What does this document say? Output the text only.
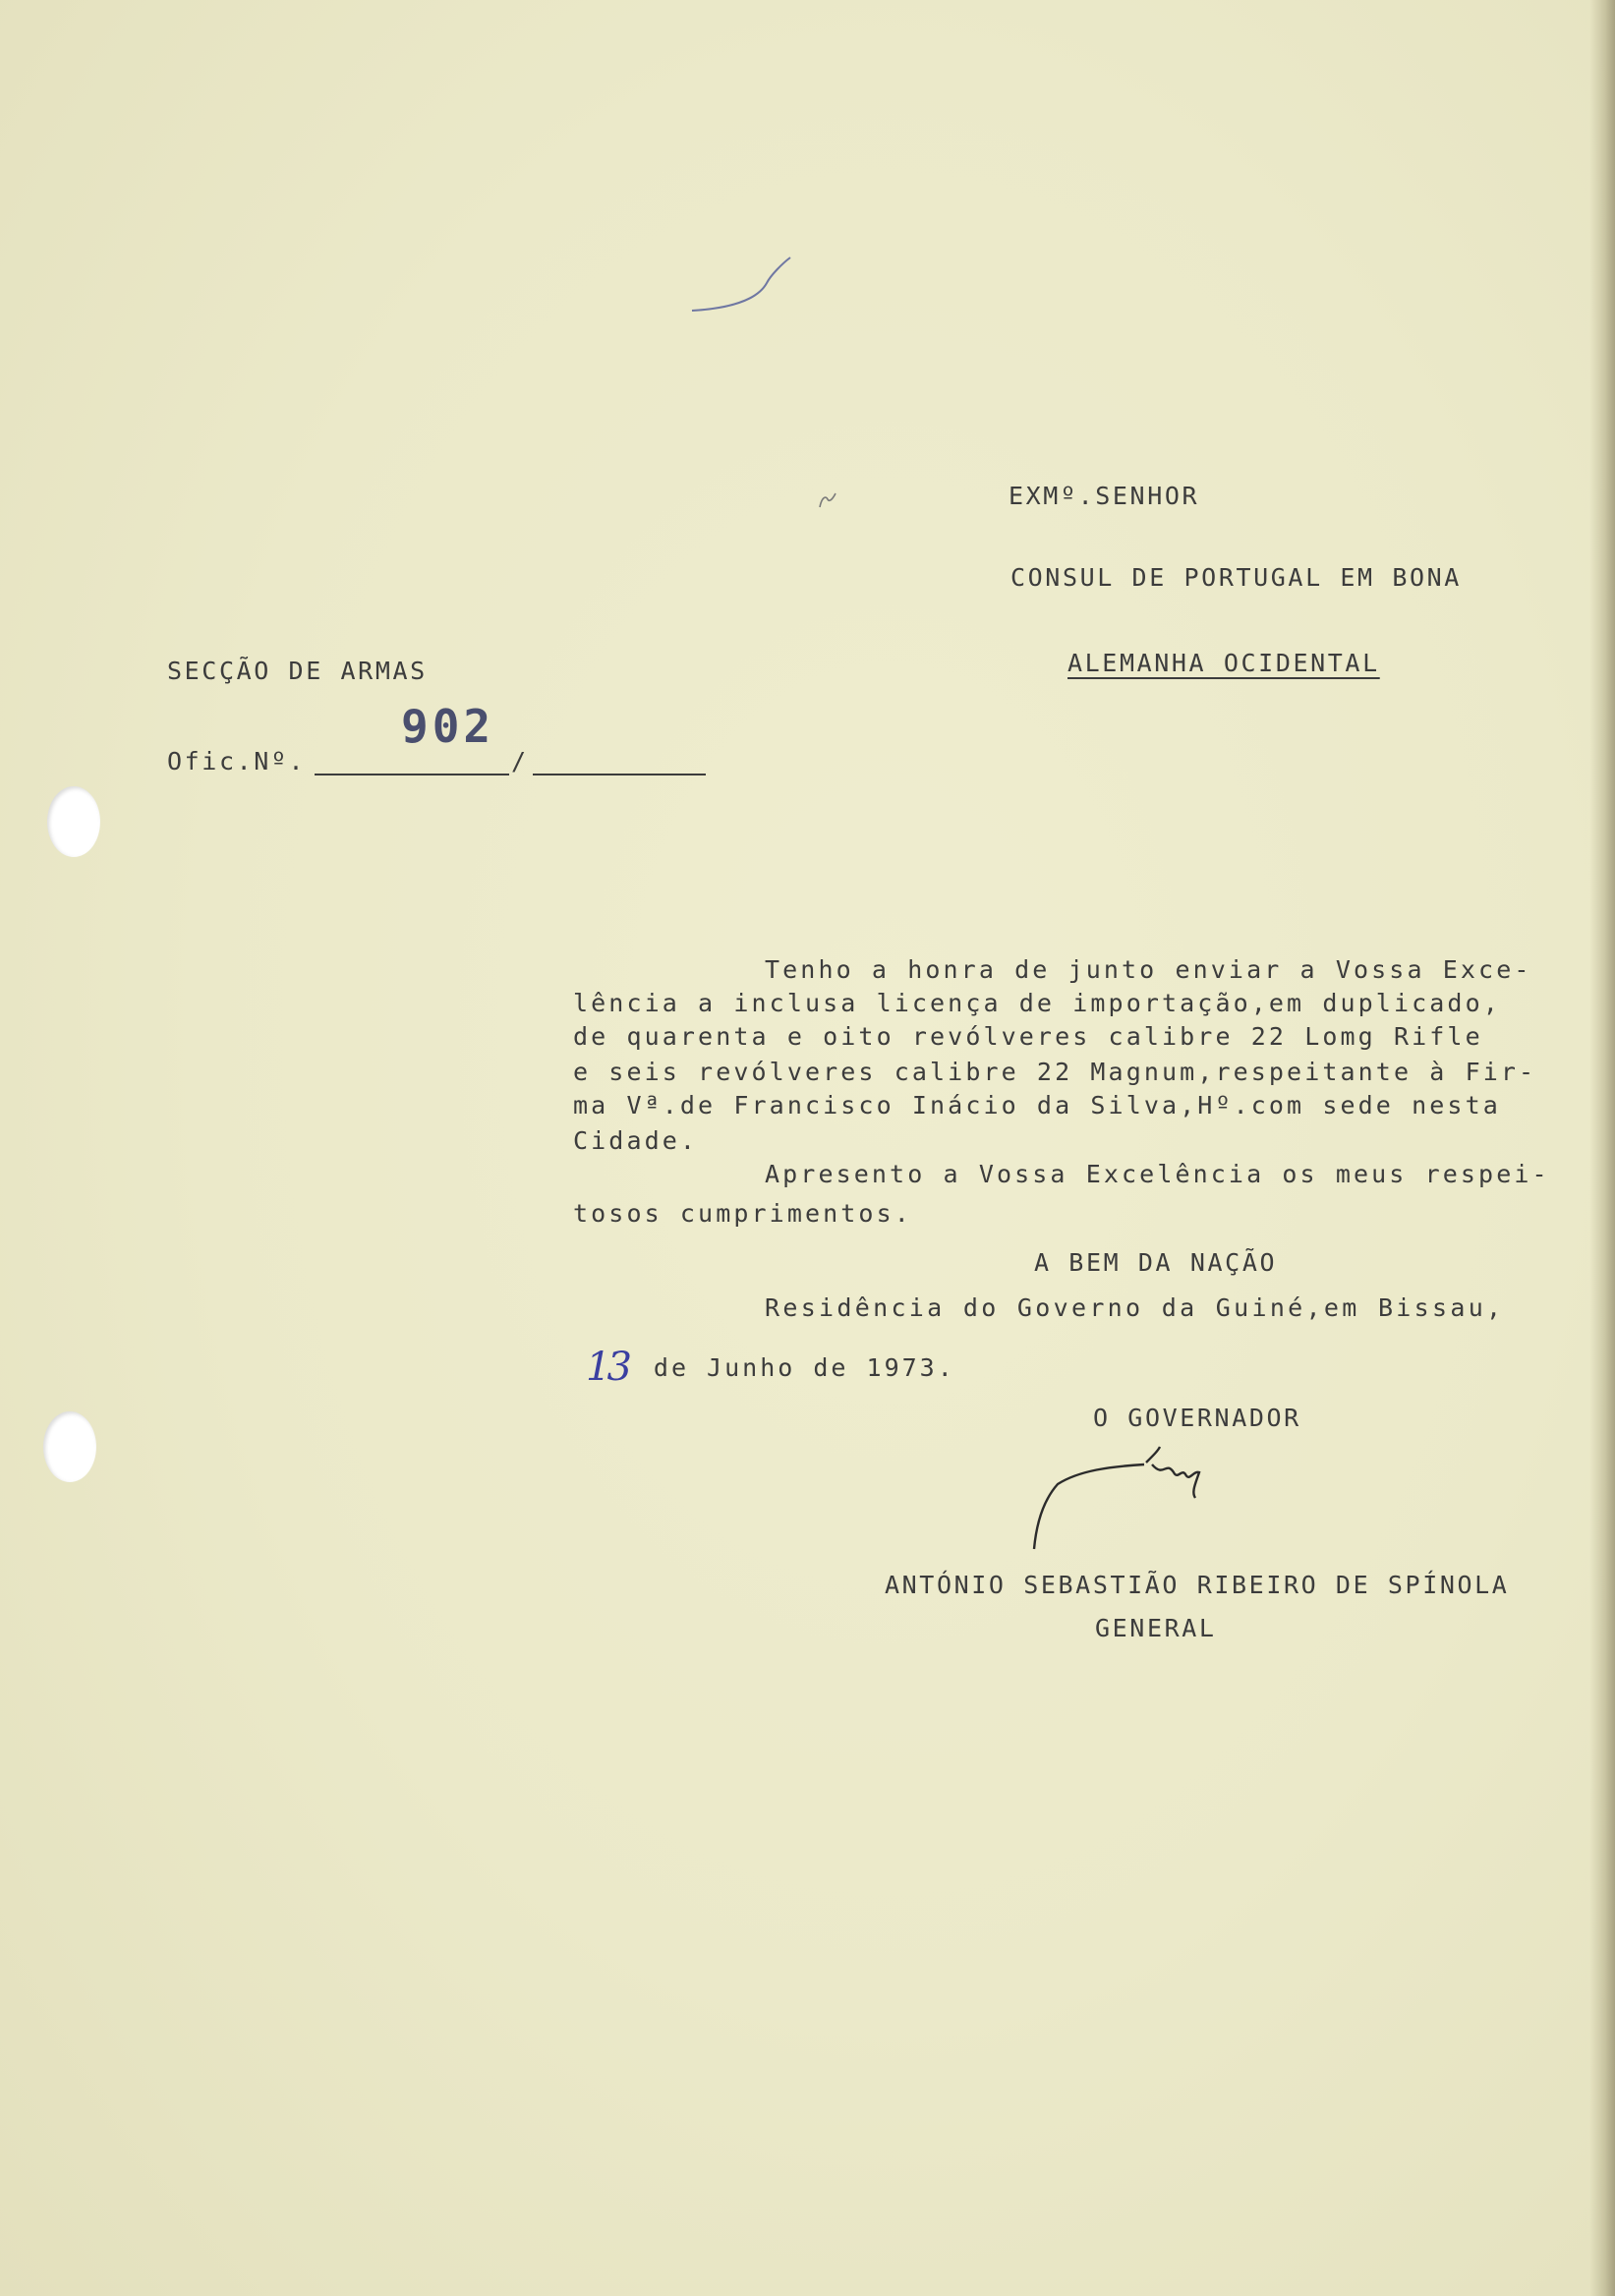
EXMº.SENHOR
CONSUL DE PORTUGAL EM BONA
ALEMANHA OCIDENTAL
SECÇÃO DE ARMAS
Ofic.Nº.
902
/
Tenho a honra de junto enviar a Vossa Exce-
lência a inclusa licença de importação,em duplicado,
de quarenta e oito revólveres calibre 22 Lomg Rifle
e seis revólveres calibre 22 Magnum,respeitante à Fir-
ma Vª.de Francisco Inácio da Silva,Hº.com sede nesta
Cidade.
Apresento a Vossa Excelência os meus respei-
tosos cumprimentos.
A BEM DA NAÇÃO
Residência do Governo da Guiné,em Bissau,

13 de Junho de 1973.

O GOVERNADOR
ANTÓNIO SEBASTIÃO RIBEIRO DE SPÍNOLA
GENERAL
